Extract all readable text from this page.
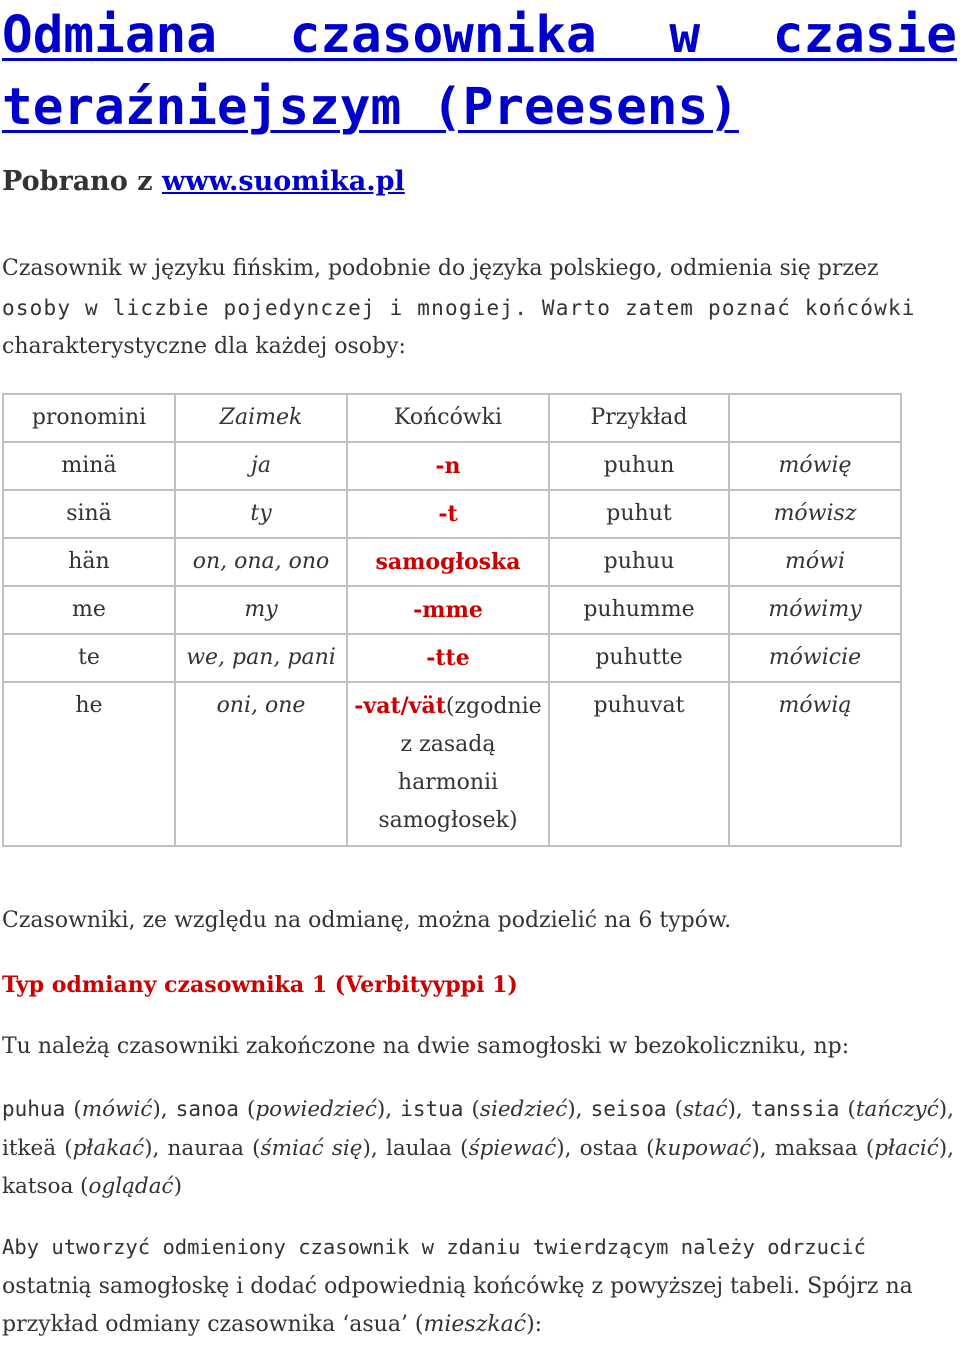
Odmiana czasownika w czasie teraźniejszym (Preesens)
Pobrano z www.suomika.pl

Czasownik w języku fińskim, podobnie do języka polskiego, odmienia się przez
osoby w liczbie pojedynczej i mnogiej. Warto zatem poznać końcówki
charakterystyczne dla każdej osoby:

pronomini	Zaimek	Końcówki	Przykład	
minä	ja	-n	puhun	mówię
sinä	ty	-t	puhut	mówisz
hän	on, ona, ono	samogłoska	puhuu	mówi
me	my	-mme	puhumme	mówimy
te	we, pan, pani	-tte	puhutte	mówicie
he	oni, one	-vat/vät(zgodnie
z zasadą
harmonii
samogłosek)	puhuvat	mówią

Czasowniki, ze względu na odmianę, można podzielić na 6 typów.

Typ odmiany czasownika 1 (Verbityyppi 1)

Tu należą czasowniki zakończone na dwie samogłoski w bezokoliczniku, np:

puhua (mówić), sanoa (powiedzieć), istua (siedzieć), seisoa (stać), tanssia (tańczyć), itkeä (płakać), nauraa (śmiać się), laulaa (śpiewać), ostaa (kupować), maksaa (płacić), katsoa (oglądać)

Aby utworzyć odmieniony czasownik w zdaniu twierdzącym należy odrzucić
ostatnią samogłoskę i dodać odpowiednią końcówkę z powyższej tabeli. Spójrz na
przykład odmiany czasownika ‘asua’ (mieszkać):
